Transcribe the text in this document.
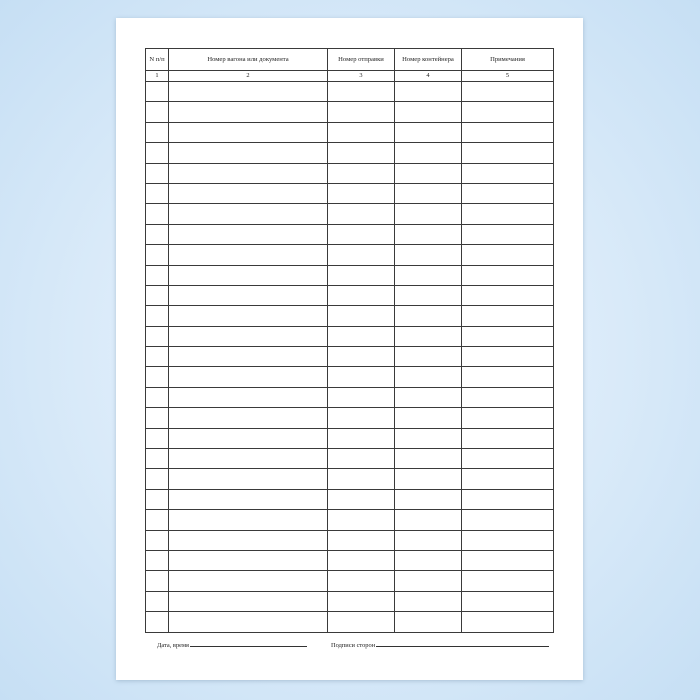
N п/п	Номер вагона или документа	Номер отправки	Номер контейнера	Примечания
1	2	3	4	5

Дата, время	Подписи сторон
